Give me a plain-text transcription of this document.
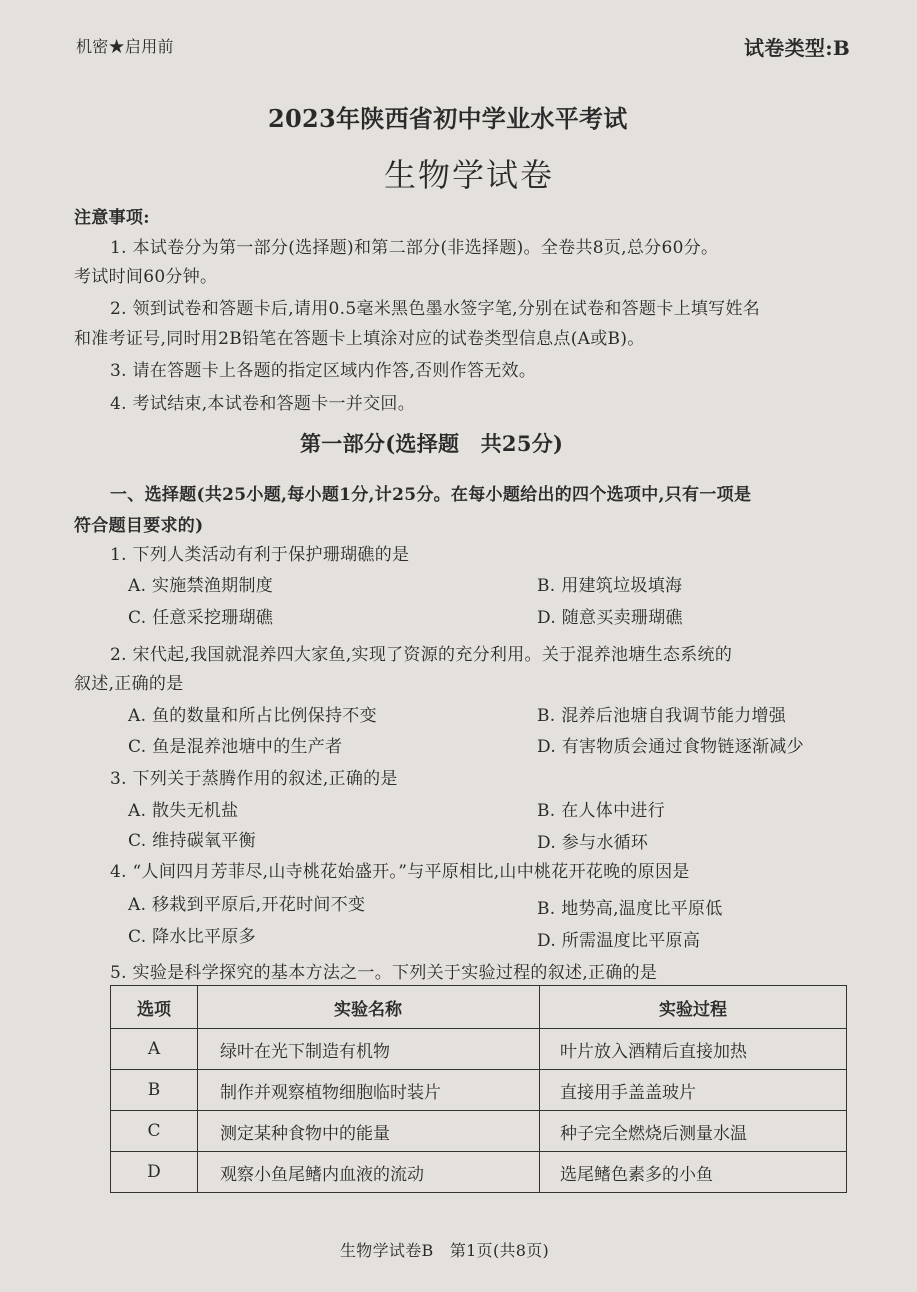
机密★启用前	试卷类型:B
2023年陕西省初中学业水平考试
生物学试卷
注意事项:
1. 本试卷分为第一部分(选择题)和第二部分(非选择题)。全卷共8页,总分60分。
考试时间60分钟。
2. 领到试卷和答题卡后,请用0.5毫米黑色墨水签字笔,分别在试卷和答题卡上填写姓名
和准考证号,同时用2B铅笔在答题卡上填涂对应的试卷类型信息点(A或B)。
3. 请在答题卡上各题的指定区域内作答,否则作答无效。
4. 考试结束,本试卷和答题卡一并交回。
第一部分(选择题　共25分)
一、选择题(共25小题,每小题1分,计25分。在每小题给出的四个选项中,只有一项是
符合题目要求的)
1. 下列人类活动有利于保护珊瑚礁的是
A. 实施禁渔期制度	B. 用建筑垃圾填海
C. 任意采挖珊瑚礁	D. 随意买卖珊瑚礁
2. 宋代起,我国就混养四大家鱼,实现了资源的充分利用。关于混养池塘生态系统的
叙述,正确的是
A. 鱼的数量和所占比例保持不变	B. 混养后池塘自我调节能力增强
C. 鱼是混养池塘中的生产者	D. 有害物质会通过食物链逐渐减少
3. 下列关于蒸腾作用的叙述,正确的是
A. 散失无机盐	B. 在人体中进行
C. 维持碳氧平衡	D. 参与水循环
4. “人间四月芳菲尽,山寺桃花始盛开。”与平原相比,山中桃花开花晚的原因是
A. 移栽到平原后,开花时间不变	B. 地势高,温度比平原低
C. 降水比平原多	D. 所需温度比平原高
5. 实验是科学探究的基本方法之一。下列关于实验过程的叙述,正确的是
选项	实验名称	实验过程
A	绿叶在光下制造有机物	叶片放入酒精后直接加热
B	制作并观察植物细胞临时装片	直接用手盖盖玻片
C	测定某种食物中的能量	种子完全燃烧后测量水温
D	观察小鱼尾鳍内血液的流动	选尾鳍色素多的小鱼
生物学试卷B　第1页(共8页)
